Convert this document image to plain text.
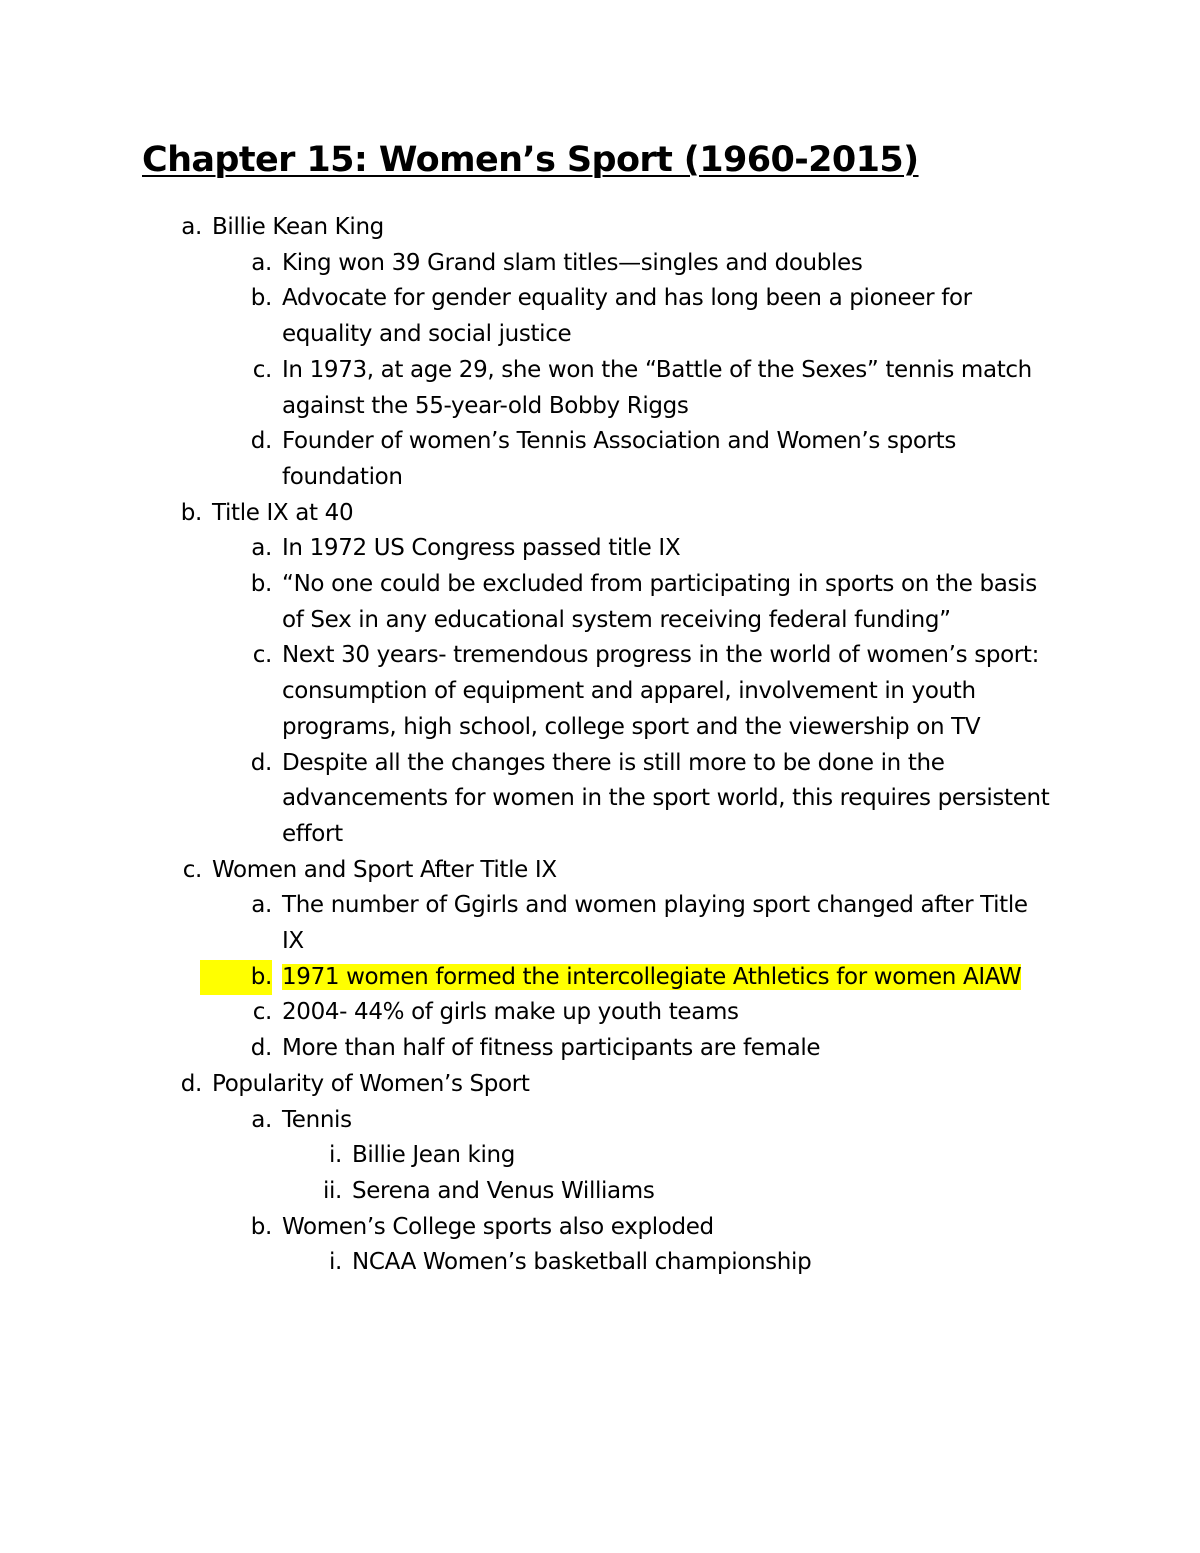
Chapter 15: Women’s Sport (1960-2015)
a. Billie Kean King
a. King won 39 Grand slam titles—singles and doubles
b. Advocate for gender equality and has long been a pioneer for equality and social justice
c. In 1973, at age 29, she won the “Battle of the Sexes” tennis match against the 55-year-old Bobby Riggs
d. Founder of women’s Tennis Association and Women’s sports foundation
b. Title IX at 40
a. In 1972 US Congress passed title IX
b. “No one could be excluded from participating in sports on the basis of Sex in any educational system receiving federal funding”
c. Next 30 years- tremendous progress in the world of women’s sport: consumption of equipment and apparel, involvement in youth programs, high school, college sport and the viewership on TV
d. Despite all the changes there is still more to be done in the advancements for women in the sport world, this requires persistent effort
c. Women and Sport After Title IX
a. The number of Ggirls and women playing sport changed after Title IX
b. 1971 women formed the intercollegiate Athletics for women AIAW
c. 2004- 44% of girls make up youth teams
d. More than half of fitness participants are female
d. Popularity of Women’s Sport
a. Tennis
i. Billie Jean king
ii. Serena and Venus Williams
b. Women’s College sports also exploded
i. NCAA Women’s basketball championship
